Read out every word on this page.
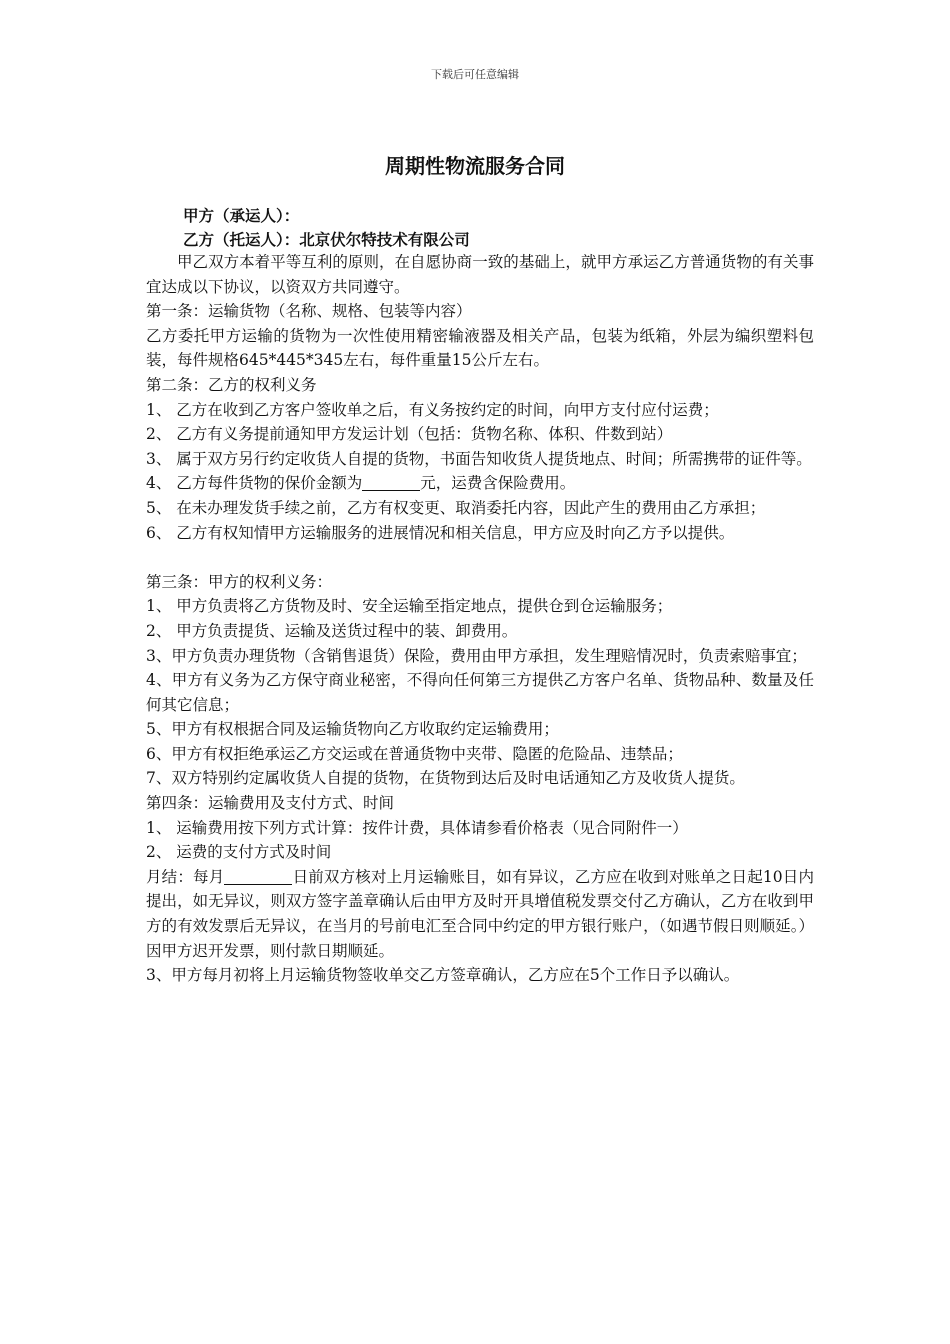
下载后可任意编辑
周期性物流服务合同
甲方（承运人）：
乙方（托运人）：北京伏尔特技术有限公司

甲乙双方本着平等互利的原则，在自愿协商一致的基础上，就甲方承运乙方普通货物的有关事宜达成以下协议，以资双方共同遵守。

第一条：运输货物（名称、规格、包装等内容）

乙方委托甲方运输的货物为一次性使用精密输液器及相关产品，包装为纸箱，外层为编织塑料包装，每件规格645*445*345左右，每件重量15公斤左右。

第二条：乙方的权利义务

1、 乙方在收到乙方客户签收单之后，有义务按约定的时间，向甲方支付应付运费；

2、 乙方有义务提前通知甲方发运计划（包括：货物名称、体积、件数到站）

3、 属于双方另行约定收货人自提的货物，书面告知收货人提货地点、时间；所需携带的证件等。

4、 乙方每件货物的保价金额为	元，运费含保险费用。

5、 在未办理发货手续之前，乙方有权变更、取消委托内容，因此产生的费用由乙方承担；

6、 乙方有权知情甲方运输服务的进展情况和相关信息，甲方应及时向乙方予以提供。

第三条：甲方的权利义务：

1、 甲方负责将乙方货物及时、安全运输至指定地点，提供仓到仓运输服务；

2、 甲方负责提货、运输及送货过程中的装、卸费用。

3、甲方负责办理货物（含销售退货）保险，费用由甲方承担，发生理赔情况时，负责索赔事宜；

4、甲方有义务为乙方保守商业秘密，不得向任何第三方提供乙方客户名单、货物品种、数量及任何其它信息；

5、甲方有权根据合同及运输货物向乙方收取约定运输费用；

6、甲方有权拒绝承运乙方交运或在普通货物中夹带、隐匿的危险品、违禁品；

7、双方特别约定属收货人自提的货物，在货物到达后及时电话通知乙方及收货人提货。

第四条：运输费用及支付方式、时间

1、 运输费用按下列方式计算：按件计费，具体请参看价格表（见合同附件一）

2、 运费的支付方式及时间

月结：每月	日前双方核对上月运输账目，如有异议，乙方应在收到对账单之日起10日内提出，如无异议，则双方签字盖章确认后由甲方及时开具增值税发票交付乙方确认，乙方在收到甲方的有效发票后无异议，在当月的号前电汇至合同中约定的甲方银行账户，（如遇节假日则顺延。）因甲方迟开发票，则付款日期顺延。

3、甲方每月初将上月运输货物签收单交乙方签章确认，乙方应在5个工作日予以确认。
